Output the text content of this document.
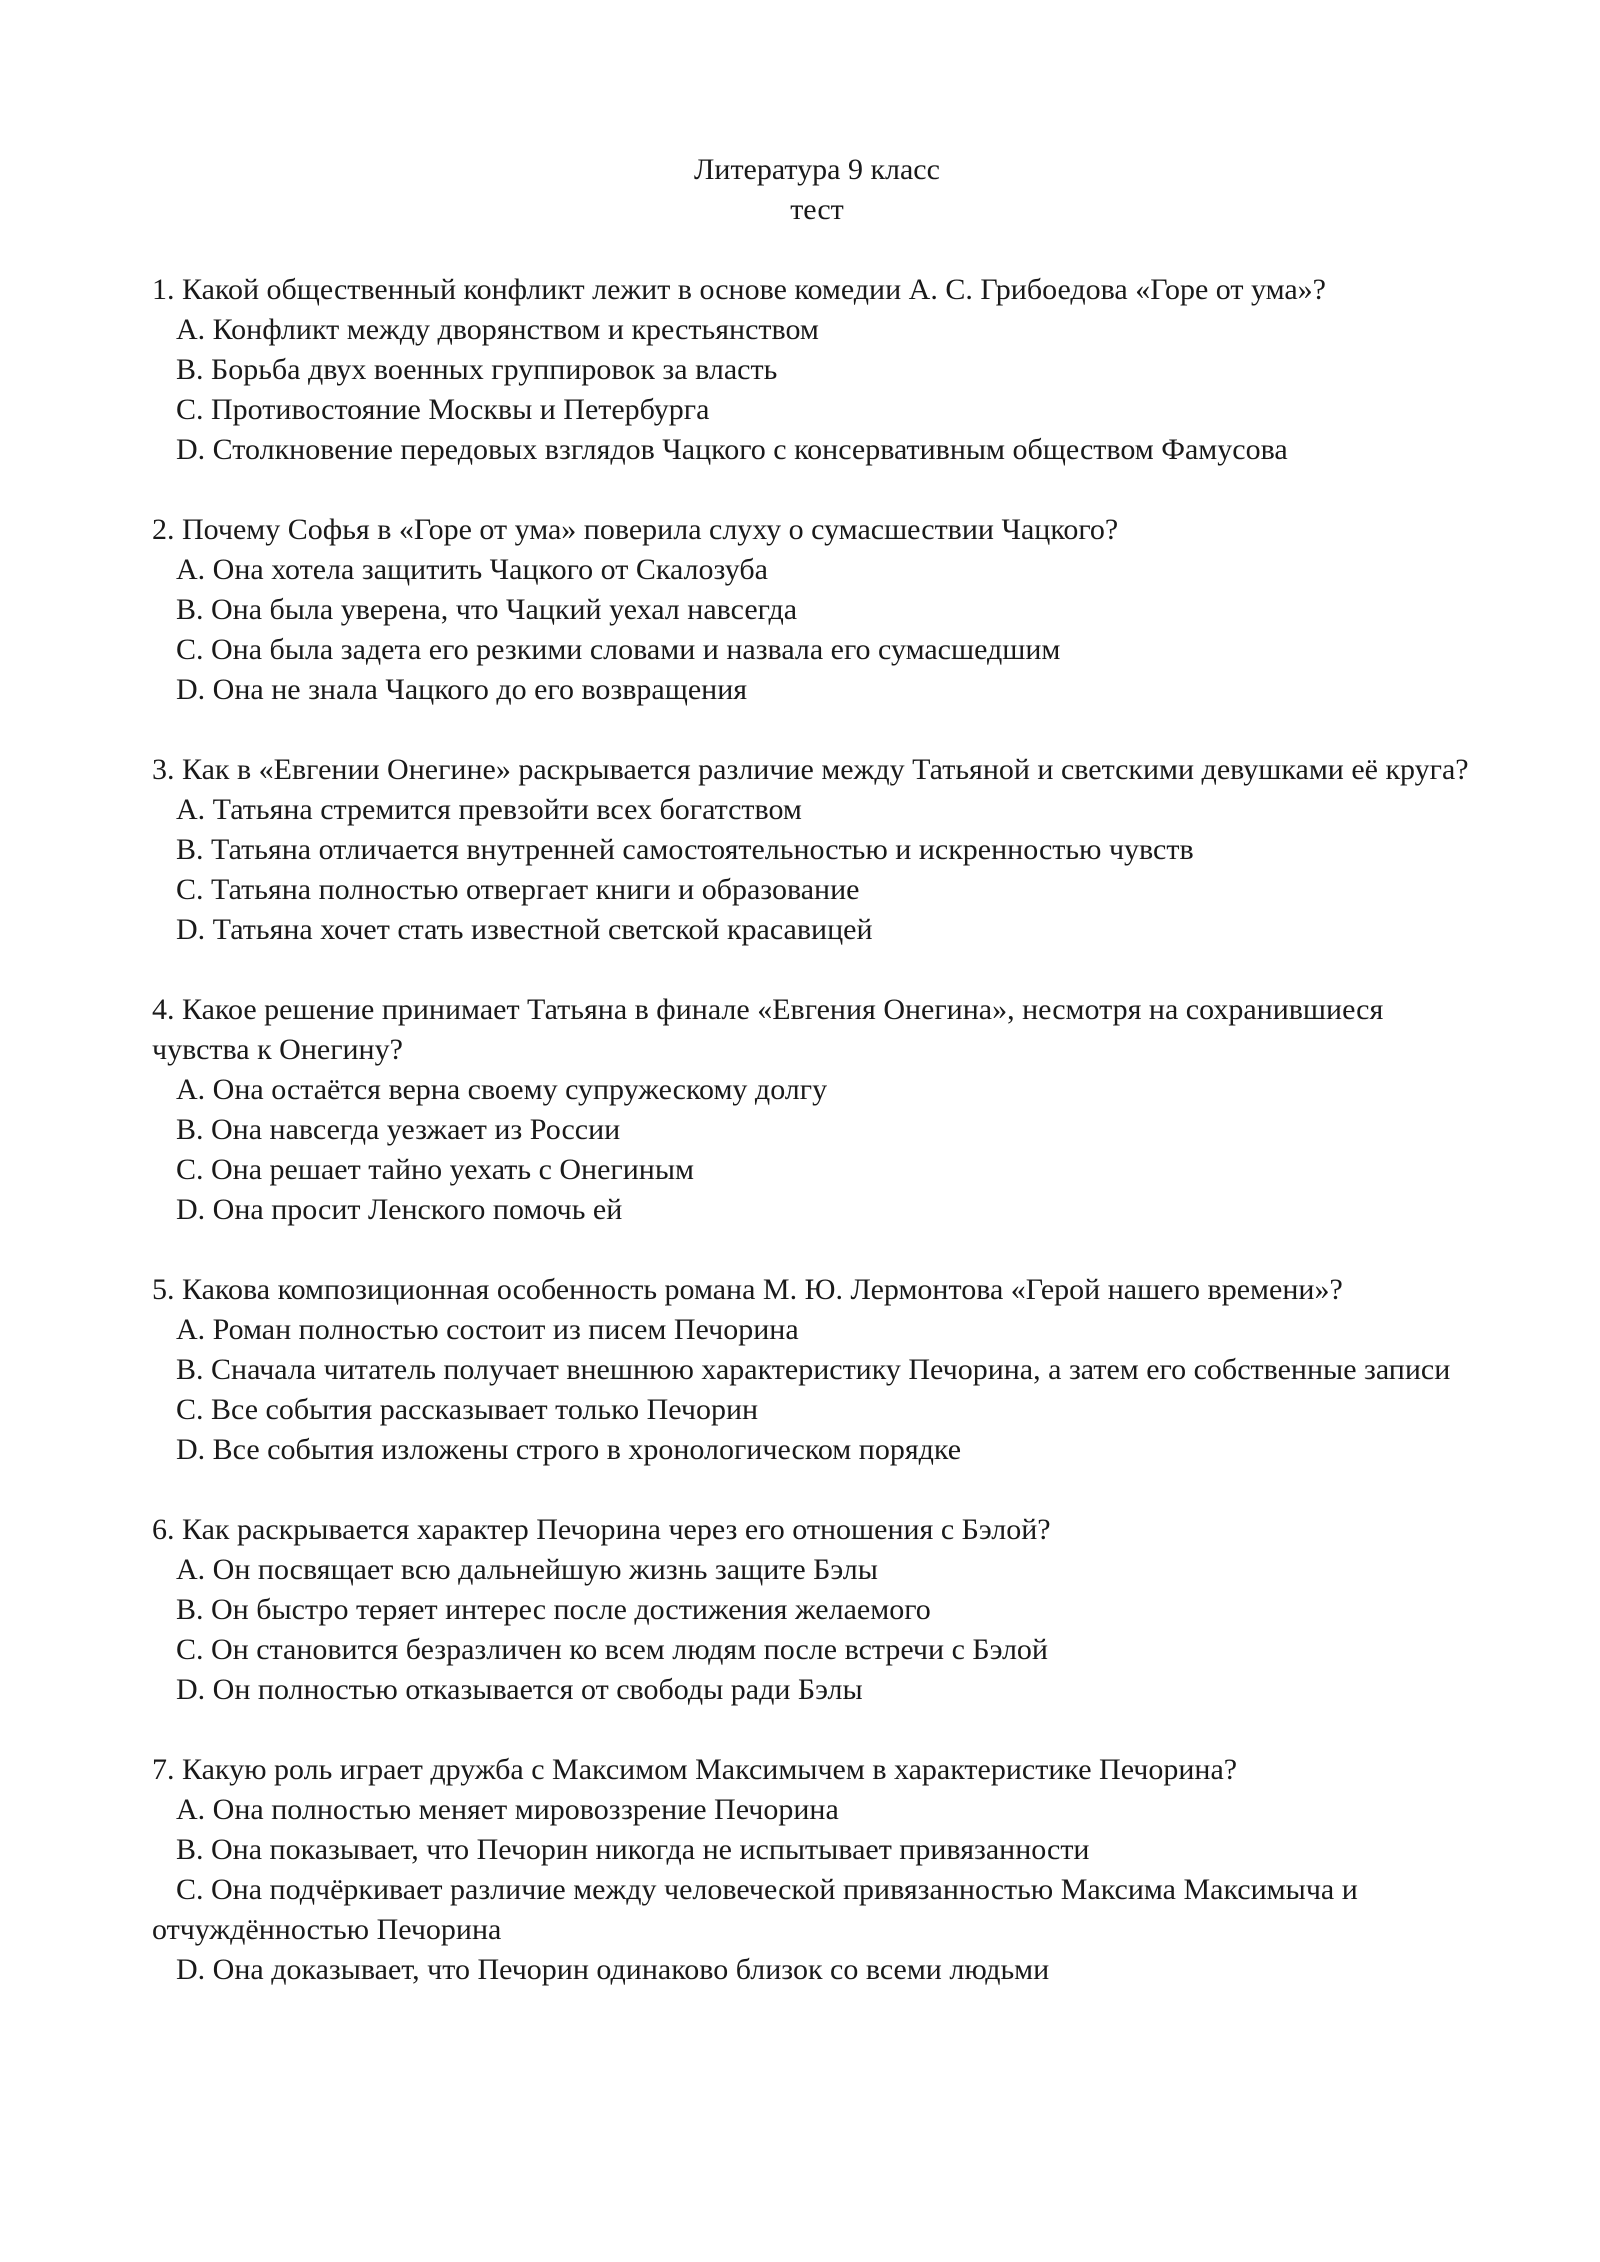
Литература 9 класс
тест
1. Какой общественный конфликт лежит в основе комедии А. С. Грибоедова «Горе от ума»?
A. Конфликт между дворянством и крестьянством
B. Борьба двух военных группировок за власть
C. Противостояние Москвы и Петербурга
D. Столкновение передовых взглядов Чацкого с консервативным обществом Фамусова
2. Почему Софья в «Горе от ума» поверила слуху о сумасшествии Чацкого?
A. Она хотела защитить Чацкого от Скалозуба
B. Она была уверена, что Чацкий уехал навсегда
C. Она была задета его резкими словами и назвала его сумасшедшим
D. Она не знала Чацкого до его возвращения
3. Как в «Евгении Онегине» раскрывается различие между Татьяной и светскими девушками её круга?
A. Татьяна стремится превзойти всех богатством
B. Татьяна отличается внутренней самостоятельностью и искренностью чувств
C. Татьяна полностью отвергает книги и образование
D. Татьяна хочет стать известной светской красавицей
4. Какое решение принимает Татьяна в финале «Евгения Онегина», несмотря на сохранившиеся чувства к Онегину?
A. Она остаётся верна своему супружескому долгу
B. Она навсегда уезжает из России
C. Она решает тайно уехать с Онегиным
D. Она просит Ленского помочь ей
5. Какова композиционная особенность романа М. Ю. Лермонтова «Герой нашего времени»?
A. Роман полностью состоит из писем Печорина
B. Сначала читатель получает внешнюю характеристику Печорина, а затем его собственные записи
C. Все события рассказывает только Печорин
D. Все события изложены строго в хронологическом порядке
6. Как раскрывается характер Печорина через его отношения с Бэлой?
A. Он посвящает всю дальнейшую жизнь защите Бэлы
B. Он быстро теряет интерес после достижения желаемого
C. Он становится безразличен ко всем людям после встречи с Бэлой
D. Он полностью отказывается от свободы ради Бэлы
7. Какую роль играет дружба с Максимом Максимычем в характеристике Печорина?
A. Она полностью меняет мировоззрение Печорина
B. Она показывает, что Печорин никогда не испытывает привязанности
C. Она подчёркивает различие между человеческой привязанностью Максима Максимыча и отчуждённостью Печорина
D. Она доказывает, что Печорин одинаково близок со всеми людьми
